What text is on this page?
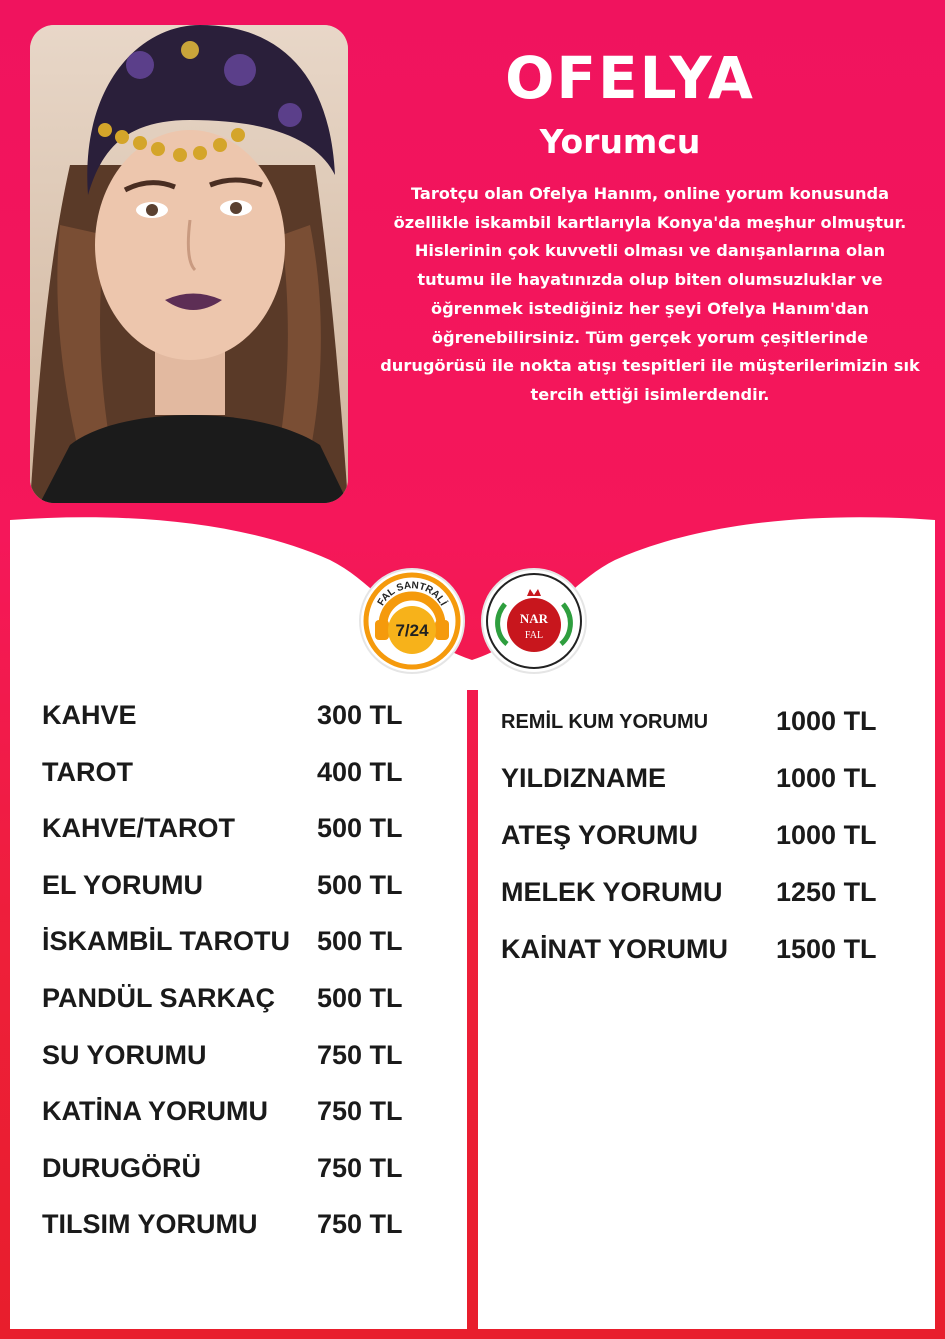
OFELYA
Yorumcu

Tarotçu olan Ofelya Hanım, online yorum konusunda özellikle iskambil kartlarıyla Konya'da meşhur olmuştur. Hislerinin çok kuvvetli olması ve danışanlarına olan tutumu ile hayatınızda olup biten olumsuzluklar ve öğrenmek istediğiniz her şeyi Ofelya Hanım'dan öğrenebilirsiniz. Tüm gerçek yorum çeşitlerinde durugörüsü ile nokta atışı tespitleri ile müşterilerimizin sık tercih ettiği isimlerdendir.

FAL SANTRALİ
7/24
NAR
FAL
KAHVE	300 TL
TAROT	400 TL
KAHVE/TAROT	500 TL
EL YORUMU	500 TL
İSKAMBİL TAROTU 500 TL
PANDÜL SARKAÇ 500 TL
SU YORUMU	750 TL
KATİNA YORUMU 750 TL
DURUGÖRÜ	750 TL
TILSIM YORUMU 750 TL
REMİL KUM YORUMU	1000 TL
YILDIZNAME	1000 TL
ATEŞ YORUMU	1000 TL
MELEK YORUMU 1250 TL
KAİNAT YORUMU 1500 TL
